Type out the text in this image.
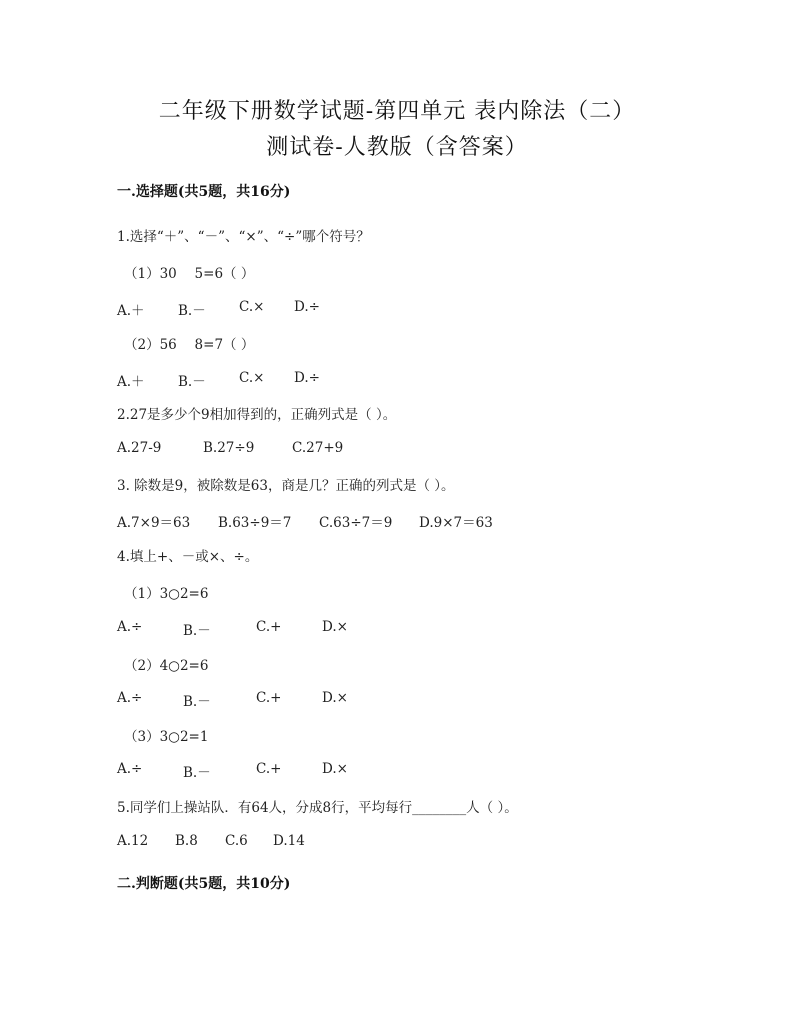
二年级下册数学试题-第四单元 表内除法（二）
测试卷-人教版（含答案）
一.选择题(共5题，共16分)
1.选择“＋”、“－”、“×”、“÷”哪个符号？
（1）30　 5=6（ ）
A.＋ B.－ C.× D.÷
（2）56　 8=7（ ）
A.＋ B.－ C.× D.÷
2.27是多少个9相加得到的，正确列式是（ ）。
A.27-9	B.27÷9	C.27+9
3. 除数是9，被除数是63，商是几？正确的列式是（ ）。
A.7×9＝63 B.63÷9＝7 C.63÷7＝9 D.9×7＝63
4.填上+、－或×、÷。
（1）3○2=6
A.÷	B.－	C.+	D.×
（2）4○2=6
A.÷	B.－	C.+	D.×
（3）3○2=1
A.÷	B.－	C.+	D.×
5.同学们上操站队．有64人，分成8行，平均每行________人（ ）。
A.12 B.8 C.6 D.14
二.判断题(共5题，共10分)
